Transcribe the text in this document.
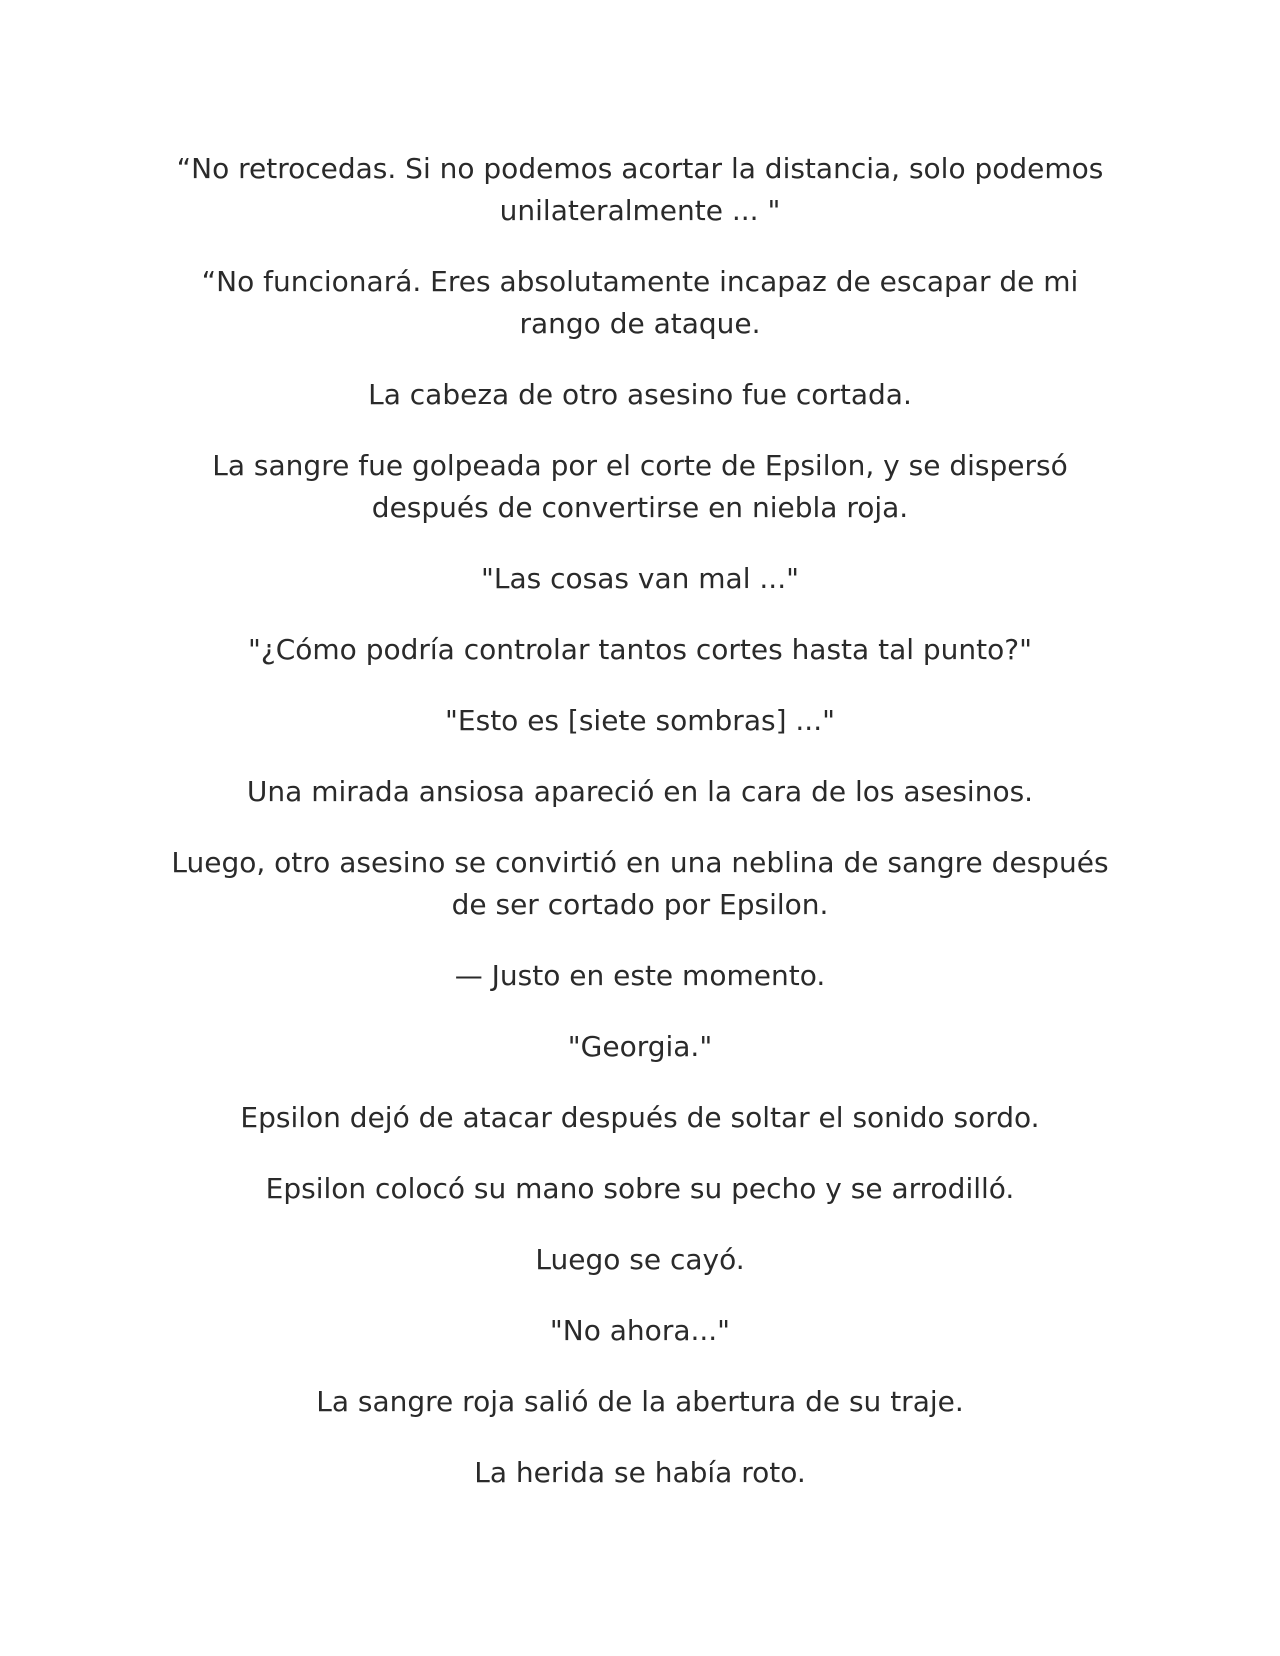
“No retrocedas. Si no podemos acortar la distancia, solo podemos unilateralmente ... "

“No funcionará. Eres absolutamente incapaz de escapar de mi rango de ataque.

La cabeza de otro asesino fue cortada.

La sangre fue golpeada por el corte de Epsilon, y se dispersó después de convertirse en niebla roja.

"Las cosas van mal ..."

"¿Cómo podría controlar tantos cortes hasta tal punto?"

"Esto es [siete sombras] ..."

Una mirada ansiosa apareció en la cara de los asesinos.

Luego, otro asesino se convirtió en una neblina de sangre después de ser cortado por Epsilon.

— Justo en este momento.

"Georgia."

Epsilon dejó de atacar después de soltar el sonido sordo.

Epsilon colocó su mano sobre su pecho y se arrodilló.

Luego se cayó.

"No ahora..."

La sangre roja salió de la abertura de su traje.

La herida se había roto.
